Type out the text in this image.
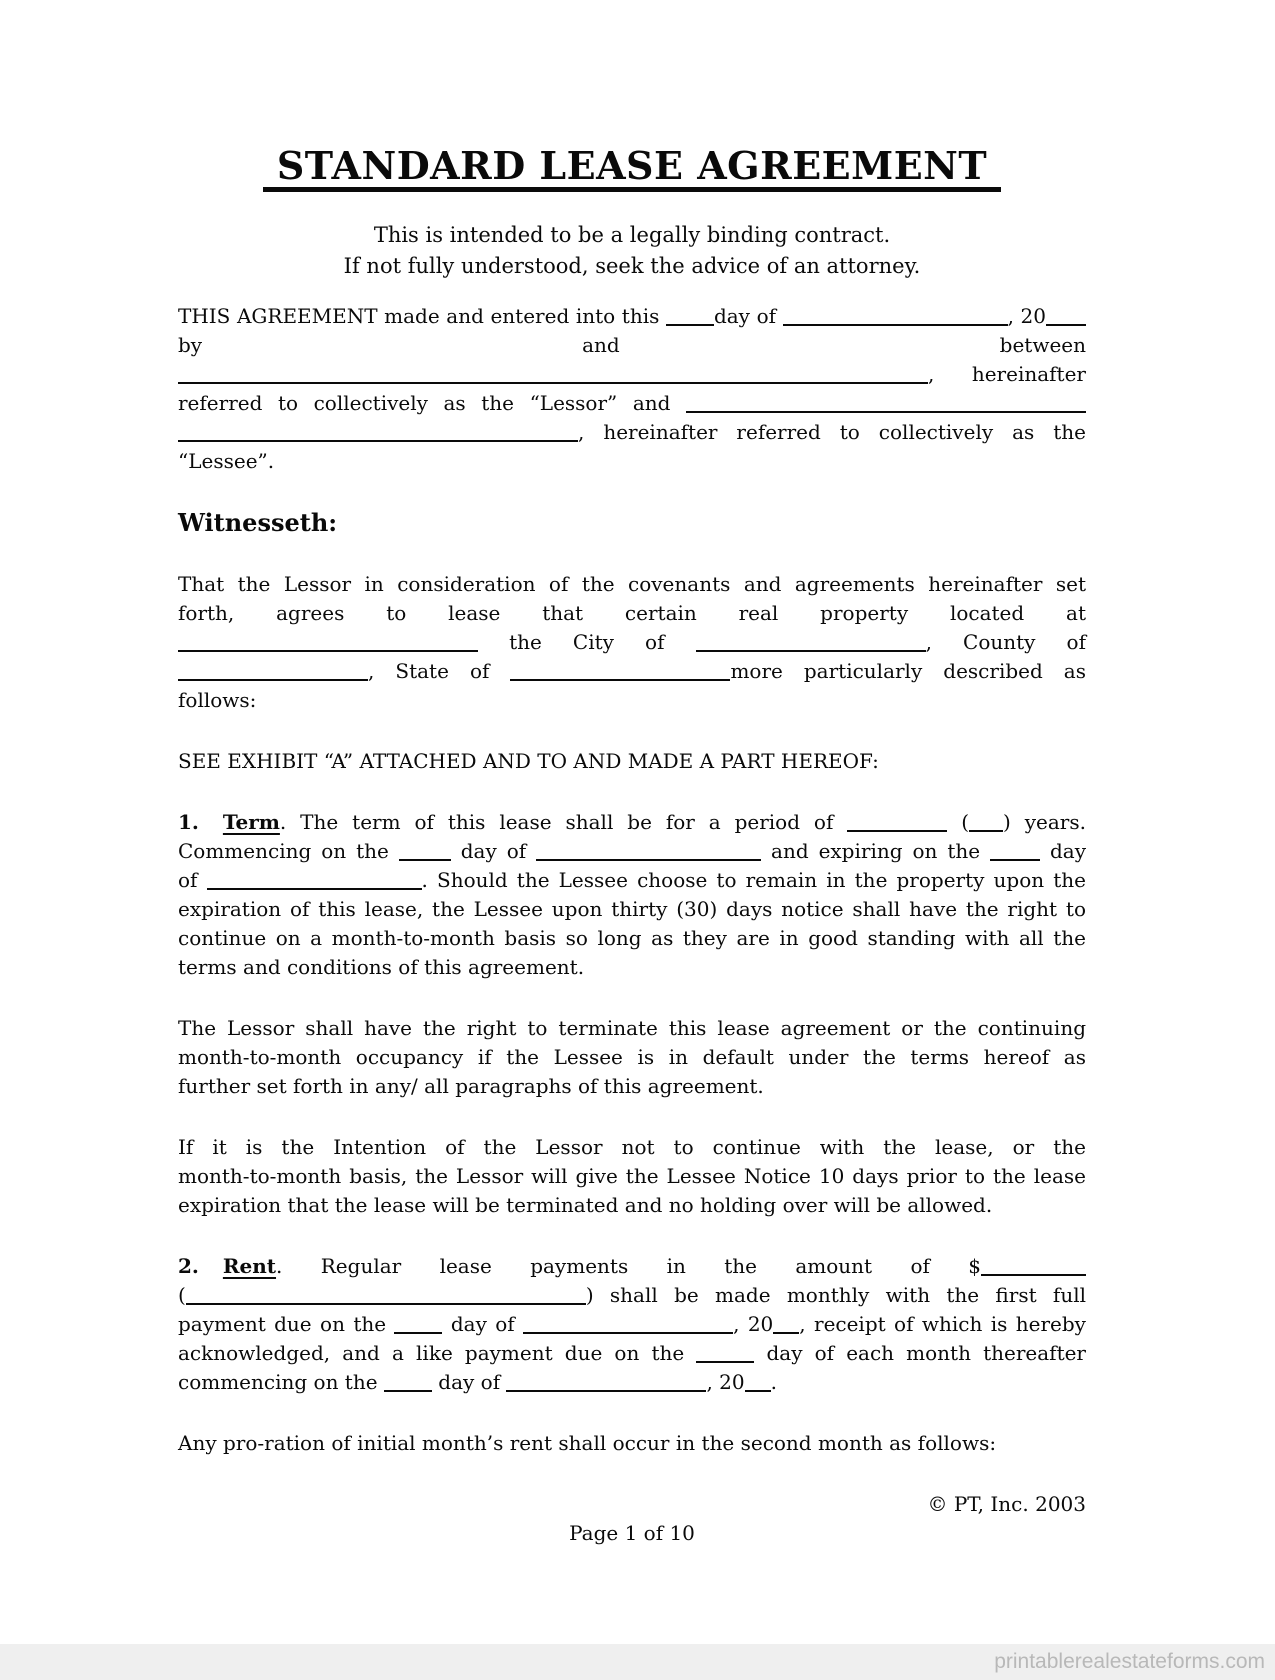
STANDARD LEASE AGREEMENT
This is intended to be a legally binding contract.
If not fully understood, seek the advice of an attorney.
THIS AGREEMENT made and entered into this day of	, 20
by and between
, hereinafter
referred to collectively as the “Lessor” and
, hereinafter referred to collectively as the
“Lessee”.
Witnesseth:
That the Lessor in consideration of the covenants and agreements hereinafter set
forth, agrees to lease that certain real property located at
the City of	, County of
, State of	more particularly described as
follows:
SEE EXHIBIT “A” ATTACHED AND TO AND MADE A PART HEREOF:
1. Term. The term of this lease shall be for a period of	( ) years.
Commencing on the	day of	and expiring on the	day
of	. Should the Lessee choose to remain in the property upon the
expiration of this lease, the Lessee upon thirty (30) days notice shall have the right to
continue on a month-to-month basis so long as they are in good standing with all the
terms and conditions of this agreement.
The Lessor shall have the right to terminate this lease agreement or the continuing
month-to-month occupancy if the Lessee is in default under the terms hereof as
further set forth in any/ all paragraphs of this agreement.
If it is the Intention of the Lessor not to continue with the lease, or the
month-to-month basis, the Lessor will give the Lessee Notice 10 days prior to the lease
expiration that the lease will be terminated and no holding over will be allowed.
2. Rent. Regular lease payments in the amount of $
(	) shall be made monthly with the first full
payment due on the  day of	, 20 , receipt of which is hereby
acknowledged, and a like payment due on the	day of each month thereafter
commencing on the  day of	, 20 .
Any pro-ration of initial month’s rent shall occur in the second month as follows:
© PT, Inc. 2003
Page 1 of 10
printablerealestateforms.com
